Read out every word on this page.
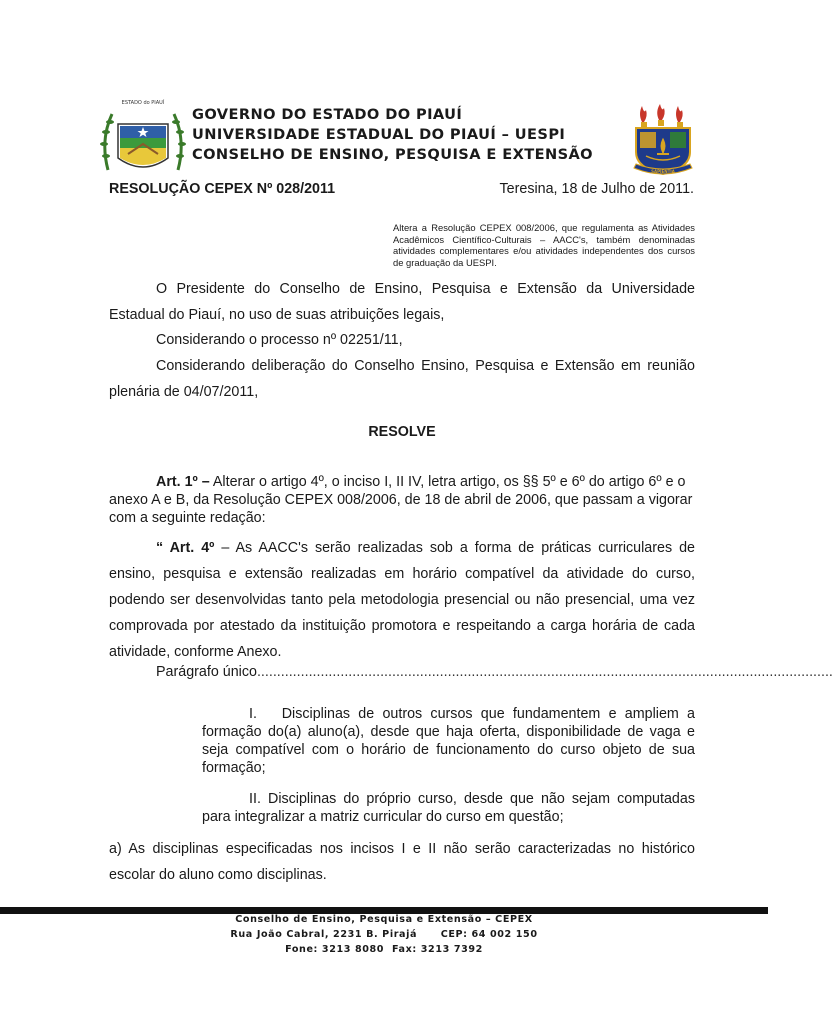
ESTADO do PIAUÍ
GOVERNO DO ESTADO DO PIAUÍ
UNIVERSIDADE ESTADUAL DO PIAUÍ – UESPI
CONSELHO DE ENSINO, PESQUISA E EXTENSÃO
SAPIENTIA
RESOLUÇÃO CEPEX Nº 028/2011	Teresina, 18 de Julho de 2011.
Altera a Resolução CEPEX 008/2006, que regulamenta as Atividades Acadêmicos Científico-Culturais – AACC's, também denominadas atividades complementares e/ou atividades independentes dos cursos de graduação da UESPI.
O Presidente do Conselho de Ensino, Pesquisa e Extensão da Universidade Estadual do Piauí, no uso de suas atribuições legais,
Considerando o processo nº 02251/11,
Considerando deliberação do Conselho Ensino, Pesquisa e Extensão em reunião plenária de 04/07/2011,
RESOLVE
Art. 1º – Alterar o artigo 4º, o inciso I, II IV, letra artigo, os §§ 5º e 6º do artigo 6º e o anexo A e B, da Resolução CEPEX 008/2006, de 18 de abril de 2006, que passam a vigorar com a seguinte redação:
“ Art. 4º – As AACC's serão realizadas sob a forma de práticas curriculares de ensino, pesquisa e extensão realizadas em horário compatível da atividade do curso, podendo ser desenvolvidas tanto pela metodologia presencial ou não presencial, uma vez comprovada por atestado da instituição promotora e respeitando a carga horária de cada atividade, conforme Anexo.
Parágrafo único.................................................................................................................................................
I. Disciplinas de outros cursos que fundamentem e ampliem a formação do(a) aluno(a), desde que haja oferta, disponibilidade de vaga e seja compatível com o horário de funcionamento do curso objeto de sua formação;
II. Disciplinas do próprio curso, desde que não sejam computadas para integralizar a matriz curricular do curso em questão;
a) As disciplinas especificadas nos incisos I e II não serão caracterizadas no histórico escolar do aluno como disciplinas.
Conselho de Ensino, Pesquisa e Extensão – CEPEX
Rua João Cabral, 2231 B. Pirajá      CEP: 64 002 150
Fone: 3213 8080  Fax: 3213 7392
